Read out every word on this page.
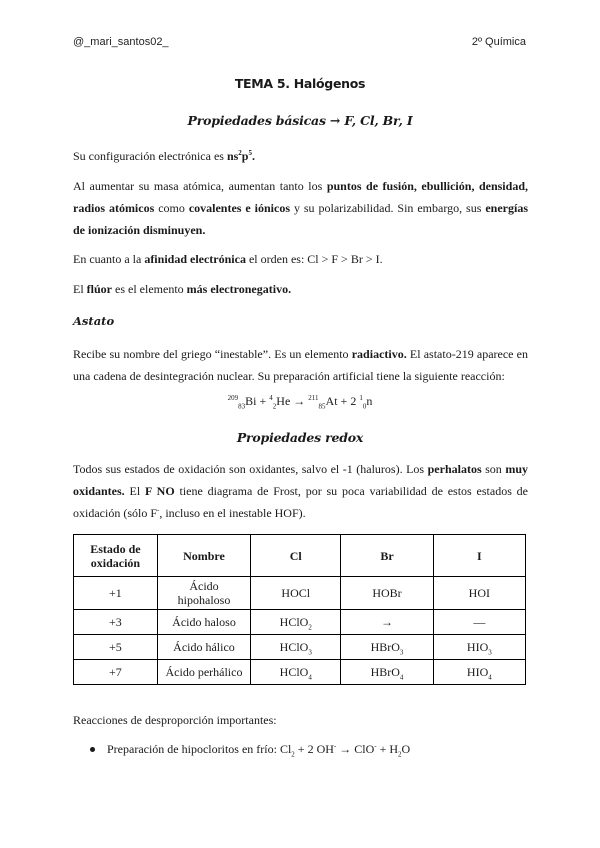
@_mari_santos02_	2º Química
TEMA 5. Halógenos
Propiedades básicas → F, Cl, Br, I
Su configuración electrónica es $ns^2p^5$.
Al aumentar su masa atómica, aumentan tanto los puntos de fusión, ebullición, densidad, radios atómicos como covalentes e iónicos y su polarizabilidad. Sin embargo, sus energías de ionización disminuyen.
En cuanto a la afinidad electrónica el orden es: Cl > F > Br > I.
El flúor es el elemento más electronegativo.
Astato
Recibe su nombre del griego “inestable”. Es un elemento radiactivo. El astato-219 aparece en una cadena de desintegración nuclear. Su preparación artificial tiene la siguiente reacción:
$^{209}_{83}$Bi + $^4_2$He → $^{211}_{85}$At + 2 $^1_0$n
Propiedades redox
Todos sus estados de oxidación son oxidantes, salvo el -1 (haluros). Los perhalatos son muy oxidantes. El F NO tiene diagrama de Frost, por su poca variabilidad de estos estados de oxidación (sólo F-, incluso en el inestable HOF).
Estado de oxidación	Nombre	Cl	Br	I
+1	Ácido hipohaloso	HOCl	HOBr	HOI
+3	Ácido haloso	HClO$_2$	→	—
+5	Ácido hálico	HClO$_3$	HBrO$_3$	$HIO_3$
+7	Ácido perhálico	HClO$_4$	HBrO$_4$	$HIO_4$
Reacciones de desproporción importantes:
Preparación de hipocloritos en frío: $Cl_2 + 2$ $OH^- \to ClO^- + H_2O$
